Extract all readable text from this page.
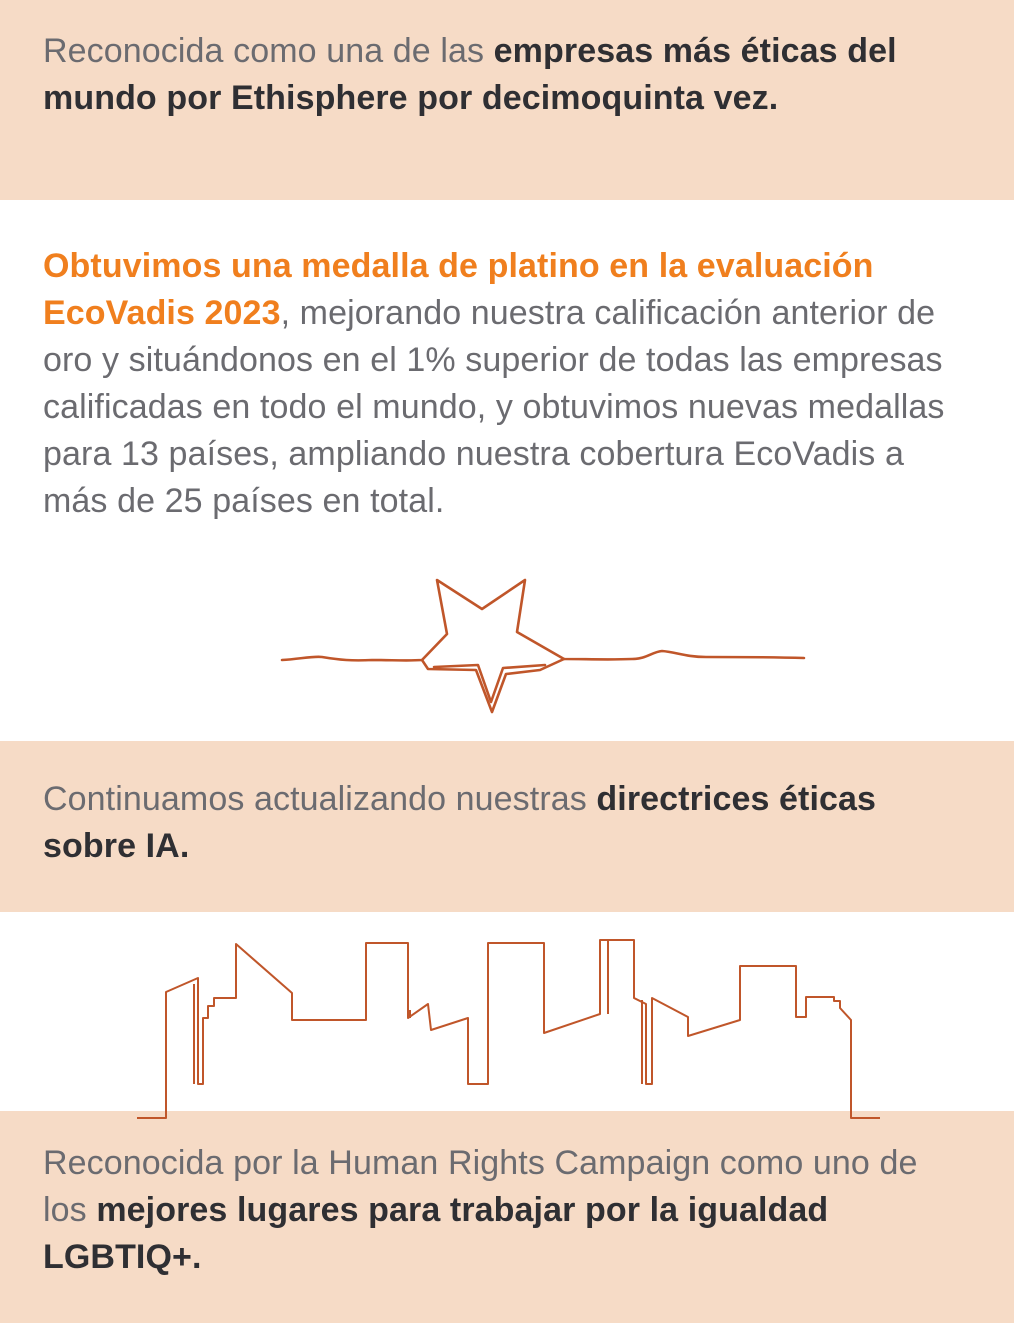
Reconocida como una de las empresas más éticas del mundo por Ethisphere por decimoquinta vez.

Obtuvimos una medalla de platino en la evaluación EcoVadis 2023, mejorando nuestra calificación anterior de oro y situándonos en el 1% superior de todas las empresas calificadas en todo el mundo, y obtuvimos nuevas medallas para 13 países, ampliando nuestra cobertura EcoVadis a más de 25 países en total.

Continuamos actualizando nuestras directrices éticas sobre IA.

Reconocida por la Human Rights Campaign como uno de los mejores lugares para trabajar por la igualdad LGBTIQ+.
